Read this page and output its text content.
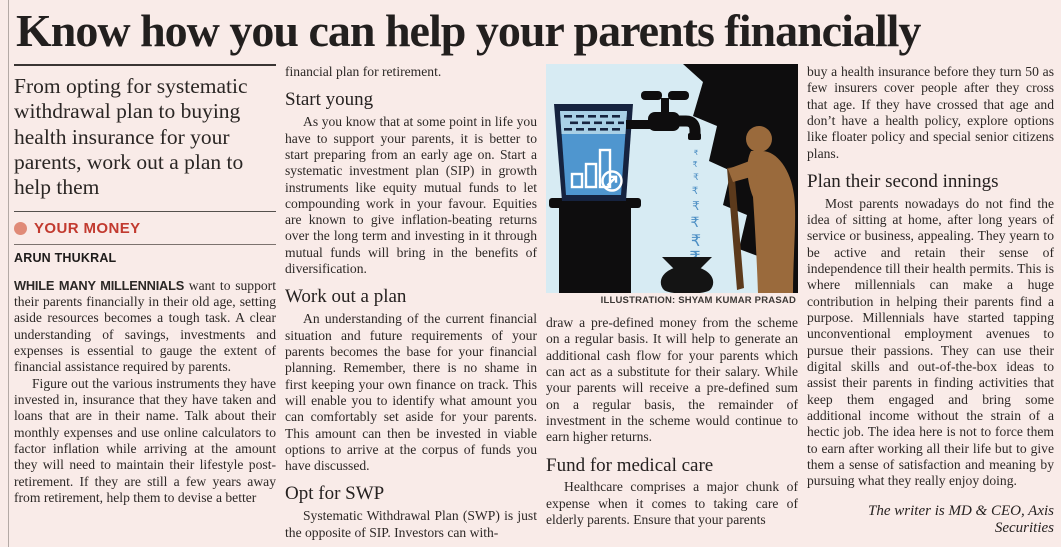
Know how you can help your parents financially

From opting for systematic withdrawal plan to buying health insurance for your parents, work out a plan to help them

YOUR MONEY
ARUN THUKRAL

WHILE MANY MILLENNIALS want to support their parents financially in their old age, setting aside resources becomes a tough task. A clear understanding of savings, investments and expenses is essential to gauge the extent of financial assistance required by parents.

Figure out the various instruments they have invested in, insurance that they have taken and loans that are in their name. Talk about their monthly expenses and use online calculators to factor inflation while arriving at the amount they will need to maintain their lifestyle post-retirement. If they are still a few years away from retirement, help them to devise a better

financial plan for retirement.

Start young

As you know that at some point in life you have to support your parents, it is better to start preparing from an early age on. Start a systematic investment plan (SIP) in growth instruments like equity mutual funds to let compounding work in your favour. Equities are known to give inflation-beating returns over the long term and investing in it through mutual funds will bring in the benefits of diversification.

Work out a plan

An understanding of the current financial situation and future requirements of your parents becomes the base for your financial planning. Remember, there is no shame in first keeping your own finance on track. This will enable you to identify what amount you can comfortably set aside for your parents. This amount can then be invested in viable options to arrive at the corpus of funds you have discussed.

Opt for SWP

Systematic Withdrawal Plan (SWP) is just the opposite of SIP. Investors can with-

₹
₹
₹
₹
₹
₹
₹
ILLUSTRATION: SHYAM KUMAR PRASAD

draw a pre-defined money from the scheme on a regular basis. It will help to generate an additional cash flow for your parents which can act as a substitute for their salary. While your parents will receive a pre-defined sum on a regular basis, the remainder of investment in the scheme would continue to earn higher returns.

Fund for medical care

Healthcare comprises a major chunk of expense when it comes to taking care of elderly parents. Ensure that your parents

buy a health insurance before they turn 50 as few insurers cover people after they cross that age. If they have crossed that age and don’t have a health policy, explore options like floater policy and special senior citizens plans.

Plan their second innings

Most parents nowadays do not find the idea of sitting at home, after long years of service or business, appealing. They yearn to be active and retain their sense of independence till their health permits. This is where millennials can make a huge contribution in helping their parents find a purpose. Millennials have started tapping unconventional employment avenues to pursue their passions. They can use their digital skills and out-of-the-box ideas to assist their parents in finding activities that keep them engaged and bring some additional income without the strain of a hectic job. The idea here is not to force them to earn after working all their life but to give them a sense of satisfaction and meaning by pursuing what they really enjoy doing.

The writer is MD & CEO, Axis Securities
